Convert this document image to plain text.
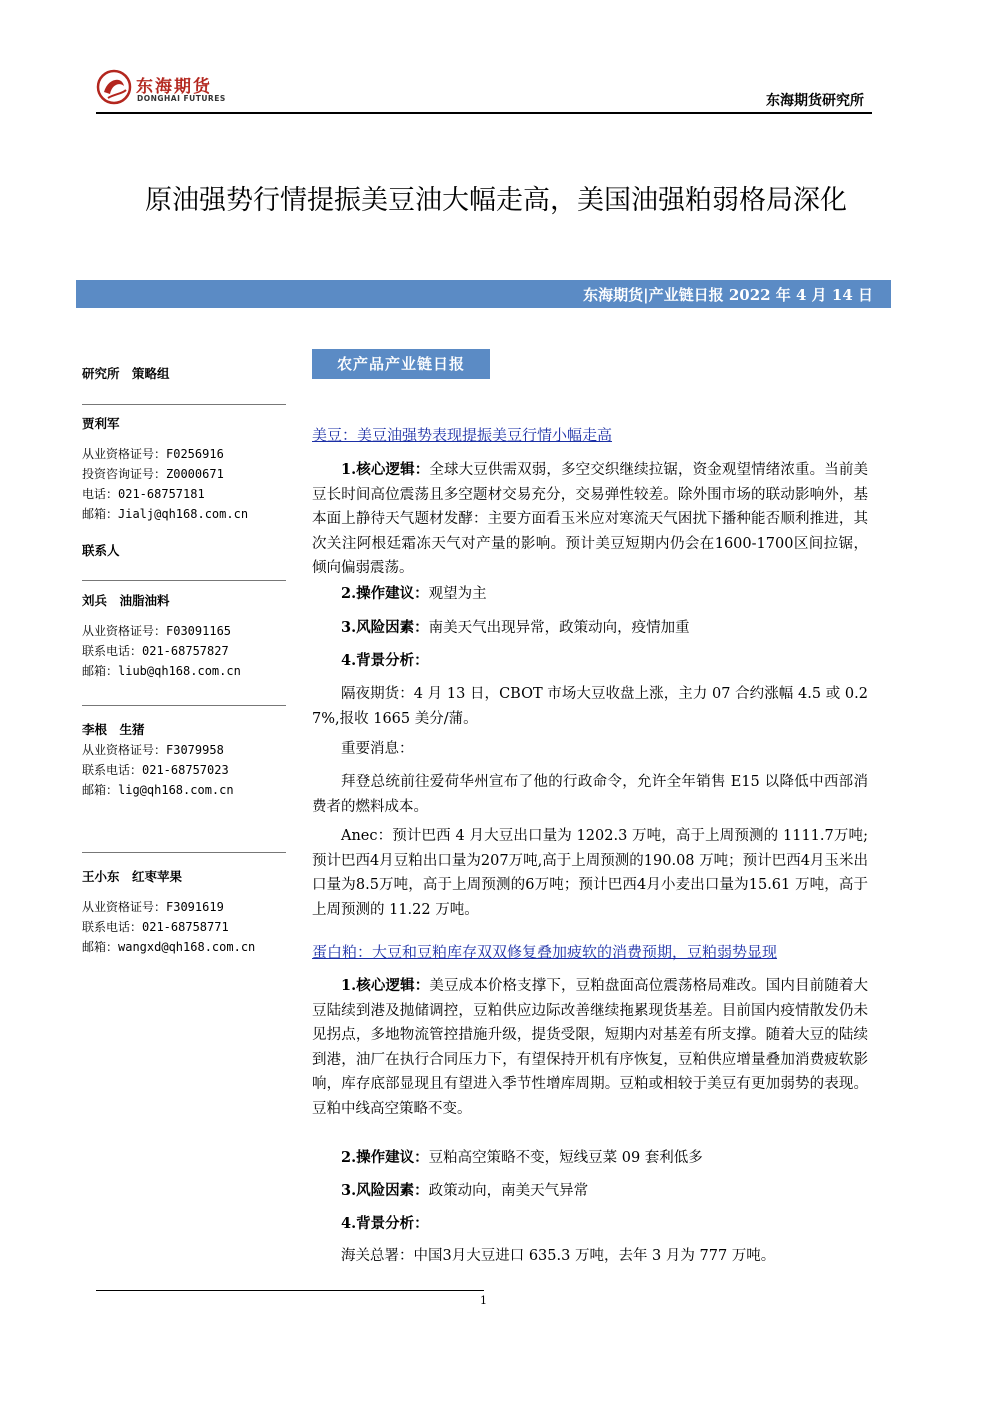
东海期货
DONGHAI FUTURES	东海期货研究所
原油强势行情提振美豆油大幅走高，美国油强粕弱格局深化
东海期货|产业链日报 2022 年 4 月 14 日
研究所　策略组
贾利军
从业资格证号：F0256916
投资咨询证号：Z0000671
电话：021-68757181
邮箱：Jialj@qh168.com.cn
联系人
刘兵　油脂油料
从业资格证号：F03091165
联系电话：021-68757827
邮箱：liub@qh168.com.cn
李根　生猪
从业资格证号：F3079958
联系电话：021-68757023
邮箱：lig@qh168.com.cn
王小东　红枣苹果
从业资格证号：F3091619
联系电话：021-68758771
邮箱：wangxd@qh168.com.cn
农产品产业链日报
美豆：美豆油强势表现提振美豆行情小幅走高
1.核心逻辑：全球大豆供需双弱，多空交织继续拉锯，资金观望情绪浓重。当前美豆长时间高位震荡且多空题材交易充分，交易弹性较差。除外围市场的联动影响外，基本面上静待天气题材发酵：主要方面看玉米应对寒流天气困扰下播种能否顺利推进，其次关注阿根廷霜冻天气对产量的影响。预计美豆短期内仍会在1600-1700区间拉锯，倾向偏弱震荡。
2.操作建议：观望为主
3.风险因素：南美天气出现异常，政策动向，疫情加重
4.背景分析：
隔夜期货：4 月 13 日，CBOT 市场大豆收盘上涨，主力 07 合约涨幅 4.5 或 0.27%,报收 1665 美分/蒲。
重要消息：
拜登总统前往爱荷华州宣布了他的行政命令，允许全年销售 E15 以降低中西部消费者的燃料成本。
Anec：预计巴西 4 月大豆出口量为 1202.3 万吨，高于上周预测的 1111.7万吨;预计巴西4月豆粕出口量为207万吨,高于上周预测的190.08 万吨；预计巴西4月玉米出口量为8.5万吨，高于上周预测的6万吨；预计巴西4月小麦出口量为15.61 万吨，高于上周预测的 11.22 万吨。
蛋白粕：大豆和豆粕库存双双修复叠加疲软的消费预期，豆粕弱势显现
1.核心逻辑：美豆成本价格支撑下，豆粕盘面高位震荡格局难改。国内目前随着大豆陆续到港及抛储调控，豆粕供应边际改善继续拖累现货基差。目前国内疫情散发仍未见拐点，多地物流管控措施升级，提货受限，短期内对基差有所支撑。随着大豆的陆续到港，油厂在执行合同压力下，有望保持开机有序恢复，豆粕供应增量叠加消费疲软影响，库存底部显现且有望进入季节性增库周期。豆粕或相较于美豆有更加弱势的表现。豆粕中线高空策略不变。
2.操作建议：豆粕高空策略不变，短线豆菜 09 套利低多
3.风险因素：政策动向，南美天气异常
4.背景分析：
海关总署：中国3月大豆进口 635.3 万吨，去年 3 月为 777 万吨。
1
